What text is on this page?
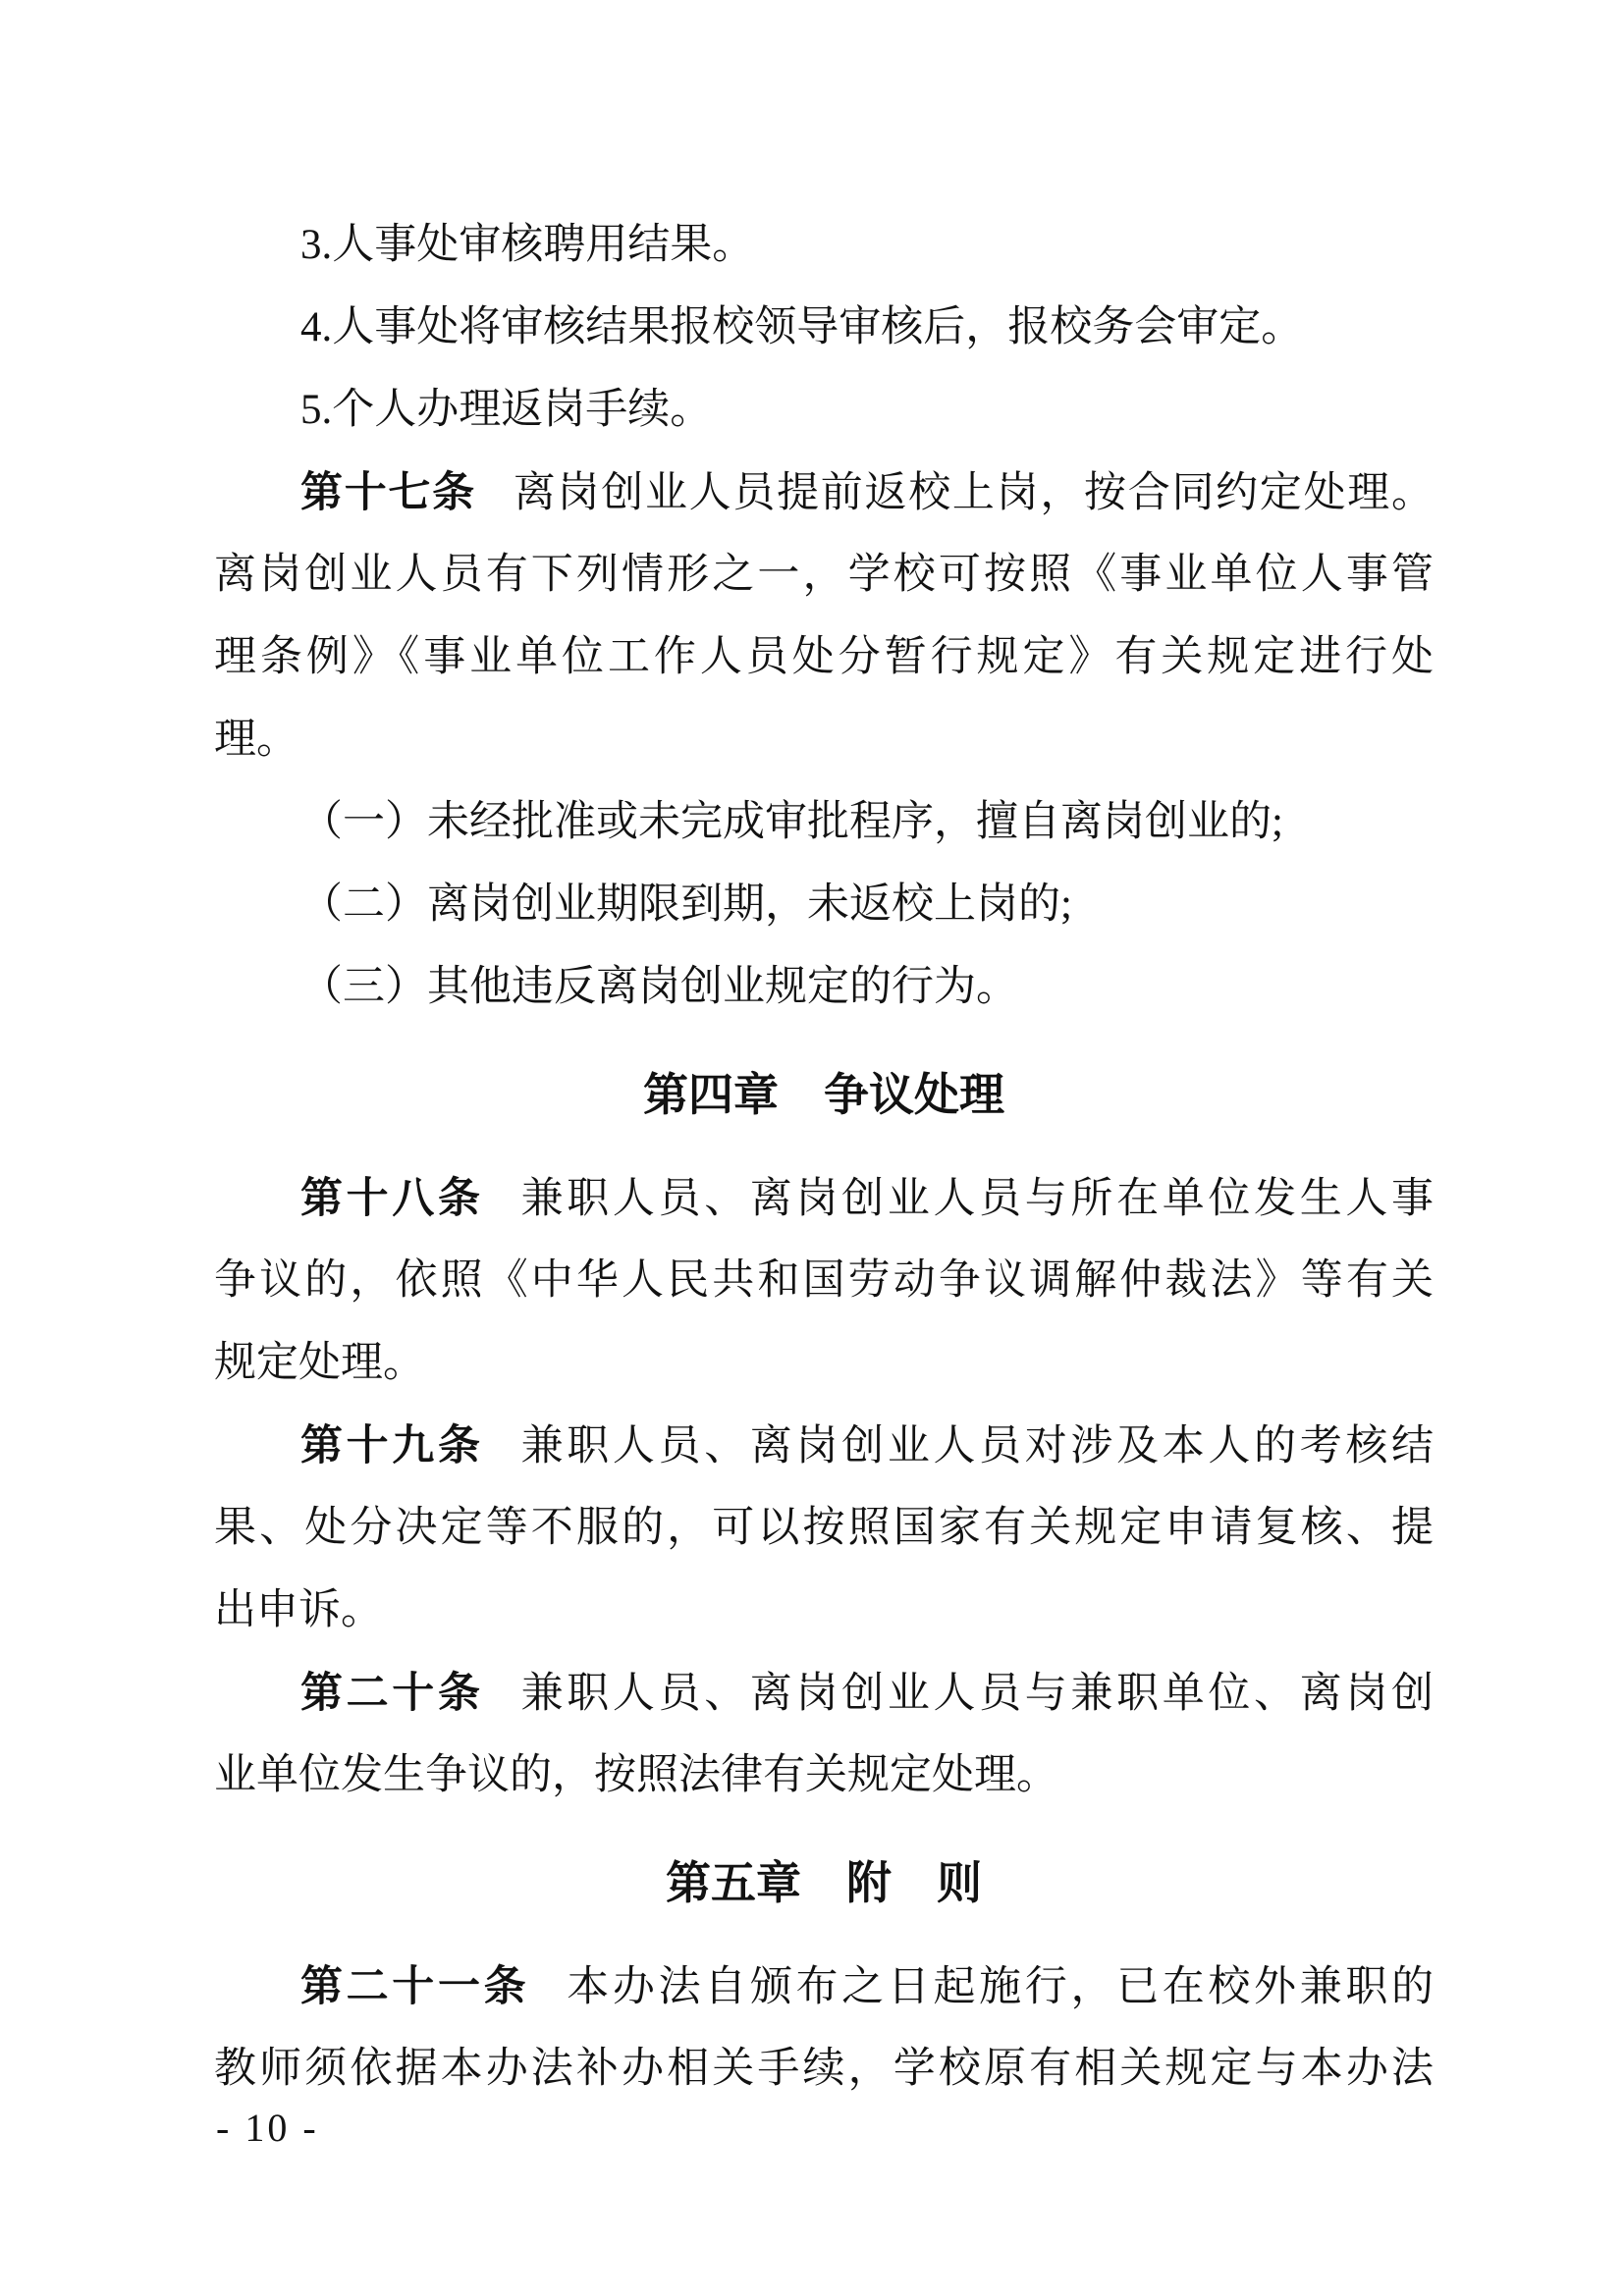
3.人事处审核聘用结果。
4.人事处将审核结果报校领导审核后，报校务会审定。
5.个人办理返岗手续。
第十七条 离岗创业人员提前返校上岗，按合同约定处理。
离岗创业人员有下列情形之一，学校可按照《事业单位人事管
理条例》《事业单位工作人员处分暂行规定》有关规定进行处
理。
（一）未经批准或未完成审批程序，擅自离岗创业的;
（二）离岗创业期限到期，未返校上岗的;
（三）其他违反离岗创业规定的行为。
第四章　争议处理
第十八条 兼职人员、离岗创业人员与所在单位发生人事
争议的，依照《中华人民共和国劳动争议调解仲裁法》等有关
规定处理。
第十九条 兼职人员、离岗创业人员对涉及本人的考核结
果、处分决定等不服的，可以按照国家有关规定申请复核、提
出申诉。
第二十条 兼职人员、离岗创业人员与兼职单位、离岗创
业单位发生争议的，按照法律有关规定处理。
第五章　附　则
第二十一条 本办法自颁布之日起施行，已在校外兼职的
教师须依据本办法补办相关手续，学校原有相关规定与本办法
- 10 -
